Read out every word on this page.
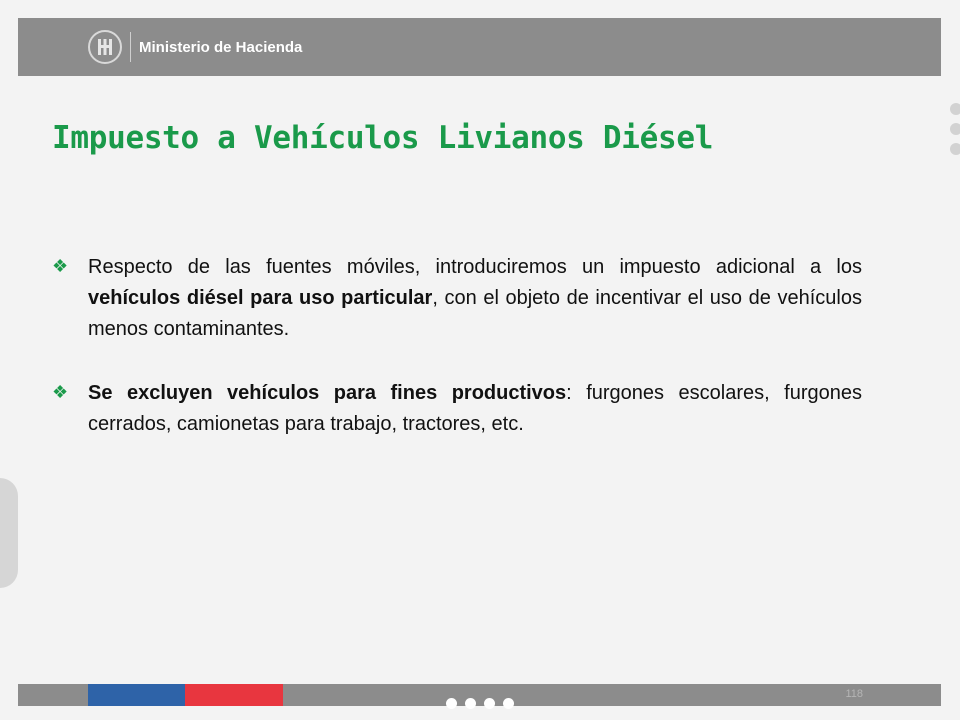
Ministerio de Hacienda
Impuesto a Vehículos Livianos Diésel
❖ Respecto de las fuentes móviles, introduciremos un impuesto adicional a los vehículos diésel para uso particular, con el objeto de incentivar el uso de vehículos menos contaminantes.
❖ Se excluyen vehículos para fines productivos: furgones escolares, furgones cerrados, camionetas para trabajo, tractores, etc.
118
